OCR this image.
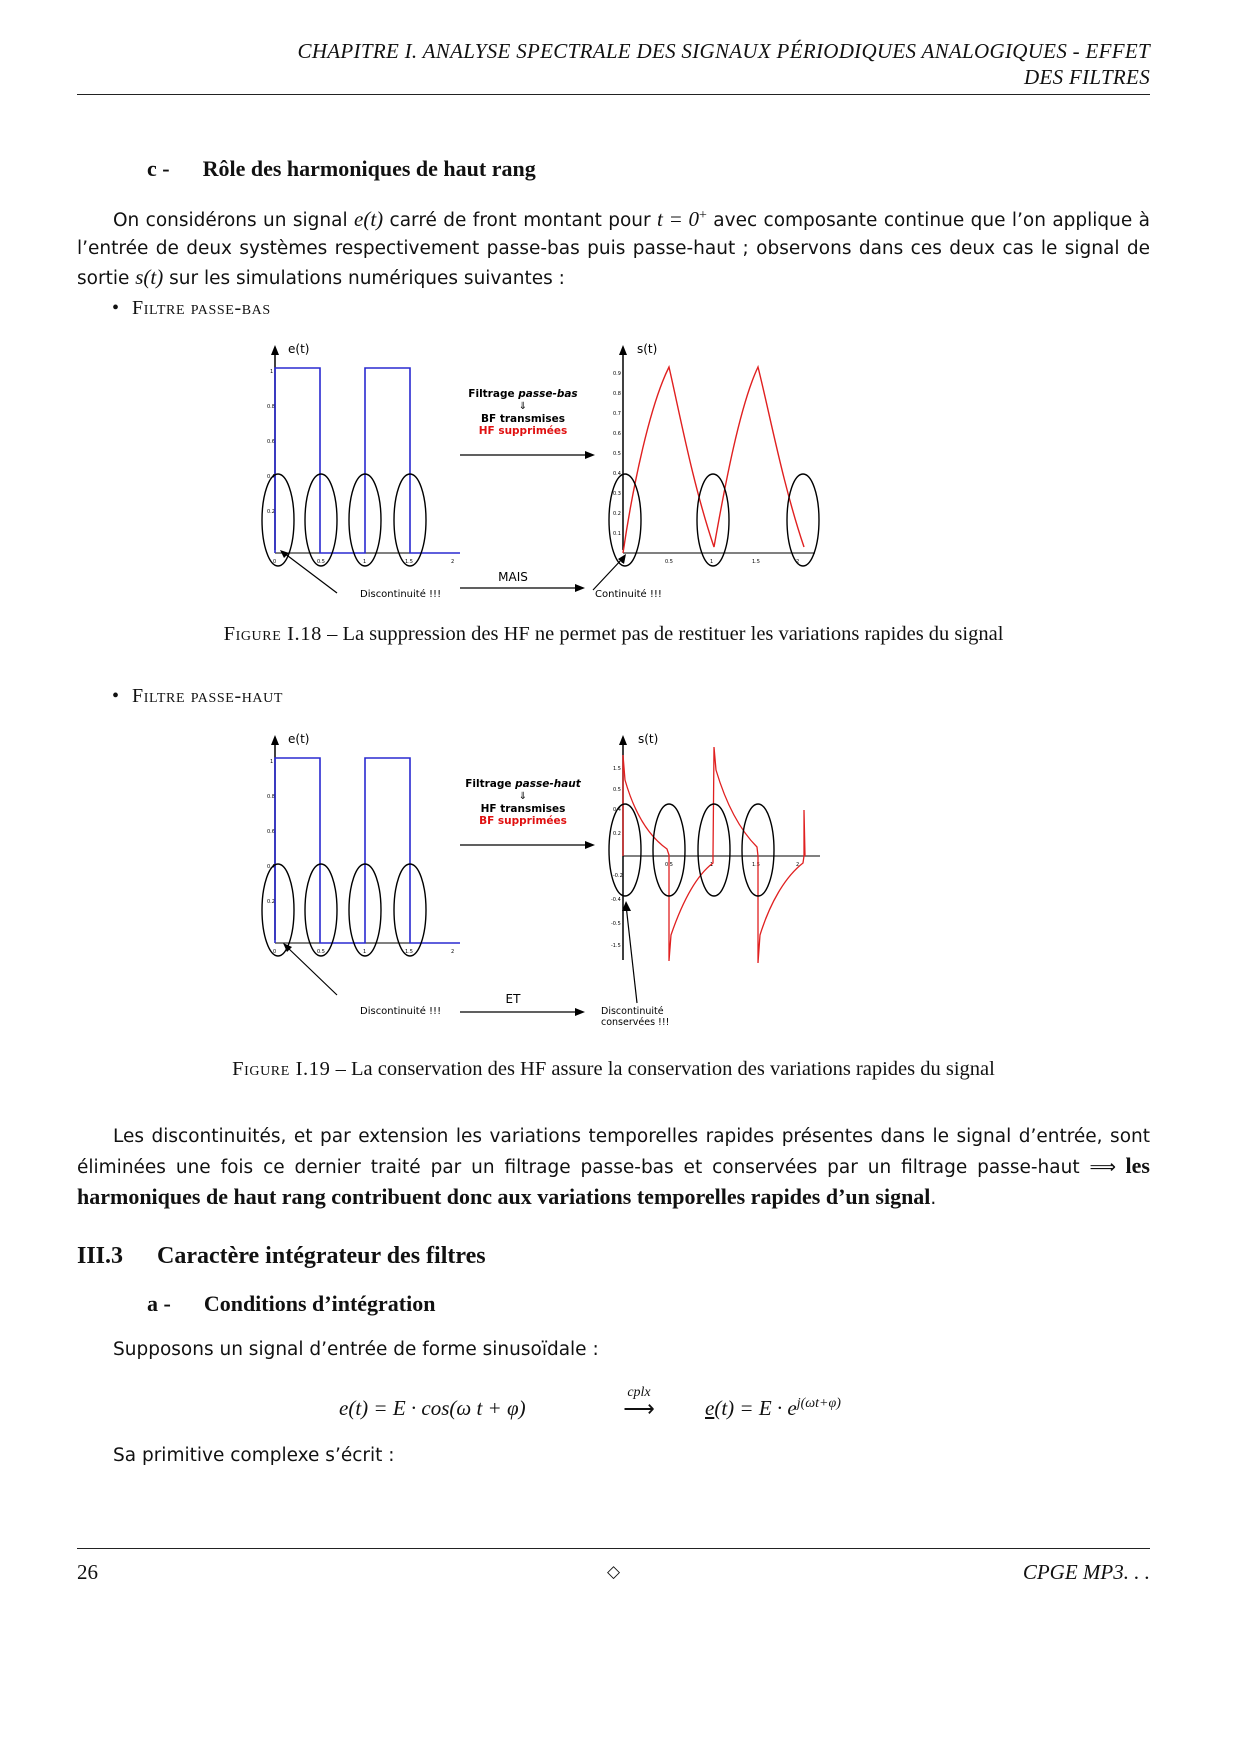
CHAPITRE I. ANALYSE SPECTRALE DES SIGNAUX PÉRIODIQUES ANALOGIQUES - EFFET
DES FILTRES
c - Rôle des harmoniques de haut rang
On considérons un signal e(t) carré de front montant pour t = 0+ avec composante continue que l’on applique à l’entrée de deux systèmes respectivement passe-bas puis passe-haut ; observons dans ces deux cas le signal de sortie s(t) sur les simulations numériques suivantes :
• Filtre passe-bas
1
0.8
0.6
0.4
0.2
0	0.5	1	1.5	2
e(t)
Filtrage passe-bas
⇓
BF transmises
HF supprimées
0.9
0.8
0.7
0.6
0.5
0.4
0.3
0.2
0.1
0.5	1	1.5	2
s(t)
Discontinuité !!!
MAIS
Continuité !!!
Figure I.18 – La suppression des HF ne permet pas de restituer les variations rapides du signal
• Filtre passe-haut
1
0.8
0.6
0.4
0.2
0	0.5	1	1.5	2
e(t)
Filtrage passe-haut
⇓
HF transmises
BF supprimées
1.5
0.5
0.4
0.2
-0.2
-0.4
-0.5
-1.5
0.5	1	1.5	2
s(t)
Discontinuité !!!
ET
Discontinuité
conservées !!!
Figure I.19 – La conservation des HF assure la conservation des variations rapides du signal
Les discontinuités, et par extension les variations temporelles rapides présentes dans le signal d’entrée, sont éliminées une fois ce dernier traité par un filtrage passe-bas et conservées par un filtrage passe-haut ⟹ les harmoniques de haut rang contribuent donc aux variations temporelles rapides d’un signal.
III.3 Caractère intégrateur des filtres
a - Conditions d’intégration
Supposons un signal d’entrée de forme sinusoïdale :
e(t) = E · cos(ω t + φ)
cplx
⟶	$e(t) = E \cdot e^{j(\omega t+\varphi)}$
Sa primitive complexe s’écrit :
26	◇	CPGE MP3. . .
